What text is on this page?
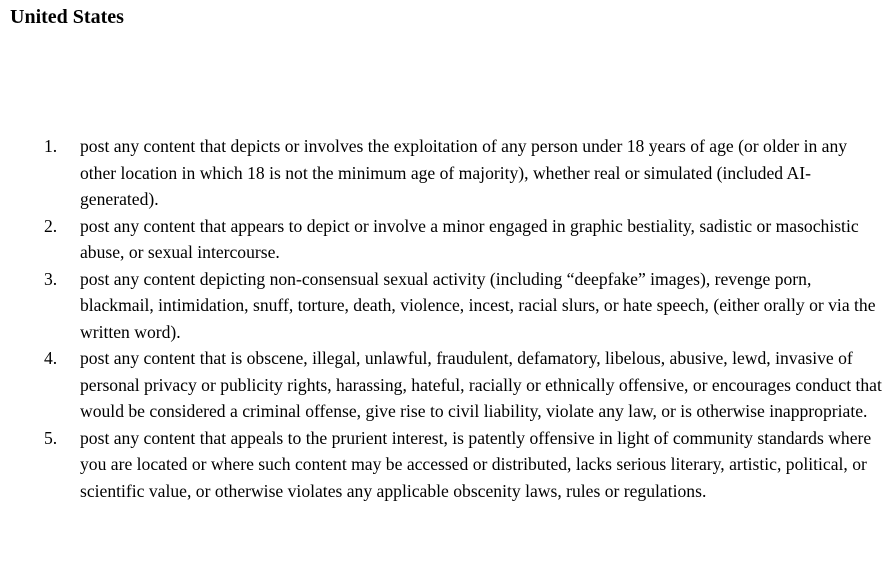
United States
1. post any content that depicts or involves the exploitation of any person under 18 years of age (or older in any other location in which 18 is not the minimum age of majority), whether real or simulated (included AI-generated).
2. post any content that appears to depict or involve a minor engaged in graphic bestiality, sadistic or masochistic abuse, or sexual intercourse.
3. post any content depicting non-consensual sexual activity (including “deepfake” images), revenge porn, blackmail, intimidation, snuff, torture, death, violence, incest, racial slurs, or hate speech, (either orally or via the written word).
4. post any content that is obscene, illegal, unlawful, fraudulent, defamatory, libelous, abusive, lewd, invasive of personal privacy or publicity rights, harassing, hateful, racially or ethnically offensive, or encourages conduct that would be considered a criminal offense, give rise to civil liability, violate any law, or is otherwise inappropriate.
5. post any content that appeals to the prurient interest, is patently offensive in light of community standards where you are located or where such content may be accessed or distributed, lacks serious literary, artistic, political, or scientific value, or otherwise violates any applicable obscenity laws, rules or regulations.
